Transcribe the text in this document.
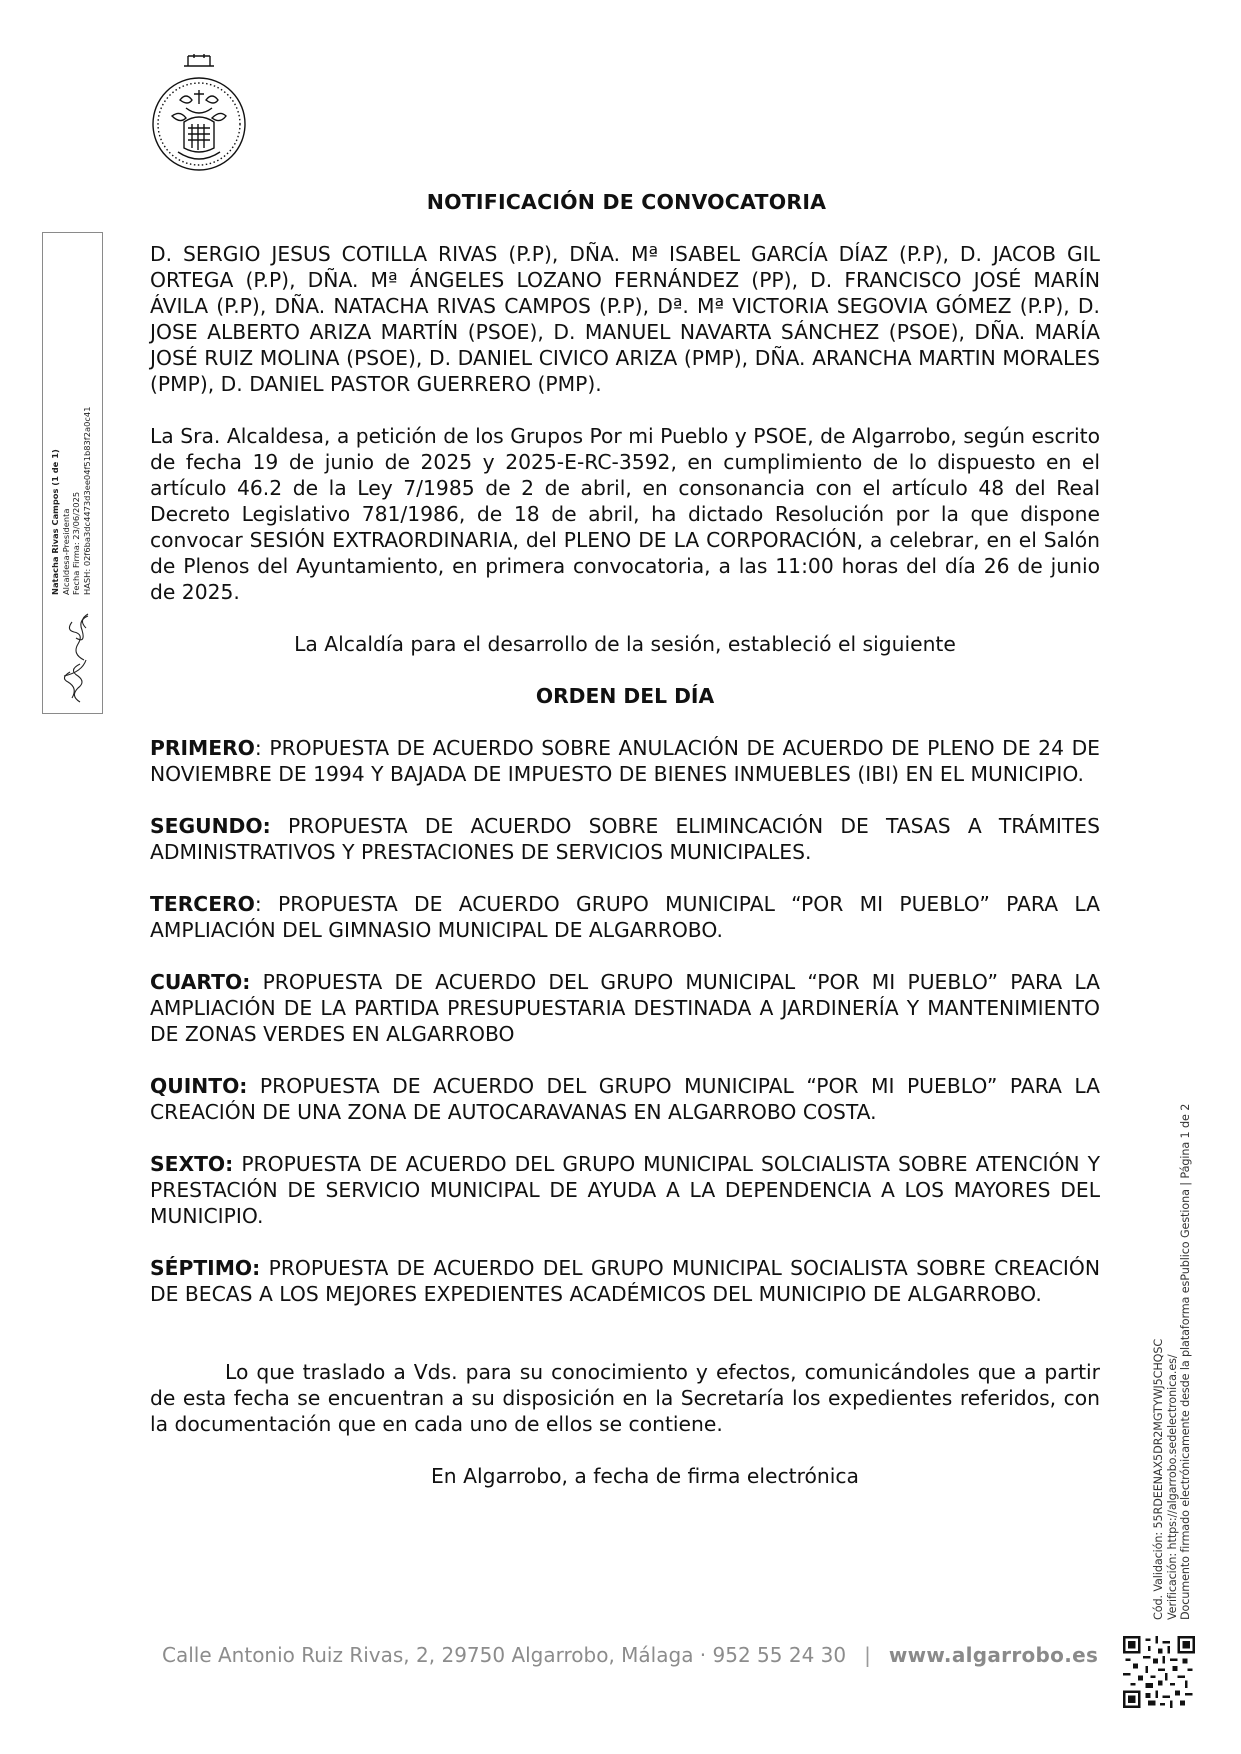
NOTIFICACIÓN DE CONVOCATORIA

D. SERGIO JESUS COTILLA RIVAS (P.P), DÑA. Mª ISABEL GARCÍA DÍAZ (P.P), D. JACOB GIL ORTEGA (P.P), DÑA. Mª ÁNGELES LOZANO FERNÁNDEZ (PP), D. FRANCISCO JOSÉ MARÍN ÁVILA (P.P), DÑA. NATACHA RIVAS CAMPOS (P.P), Dª. Mª VICTORIA SEGOVIA GÓMEZ (P.P), D. JOSE ALBERTO ARIZA MARTÍN (PSOE), D. MANUEL NAVARTA SÁNCHEZ (PSOE), DÑA. MARÍA JOSÉ RUIZ MOLINA (PSOE), D. DANIEL CIVICO ARIZA (PMP), DÑA. ARANCHA MARTIN MORALES (PMP), D. DANIEL PASTOR GUERRERO (PMP).

La Sra. Alcaldesa, a petición de los Grupos Por mi Pueblo y PSOE, de Algarrobo, según escrito de fecha 19 de junio de 2025 y 2025-E-RC-3592, en cumplimiento de lo dispuesto en el artículo 46.2 de la Ley 7/1985 de 2 de abril, en consonancia con el artículo 48 del Real Decreto Legislativo 781/1986, de 18 de abril, ha dictado Resolución por la que dispone convocar SESIÓN EXTRAORDINARIA, del PLENO DE LA CORPORACIÓN, a celebrar, en el Salón de Plenos del Ayuntamiento, en primera convocatoria, a las 11:00 horas del día 26 de junio de 2025.

La Alcaldía para el desarrollo de la sesión, estableció el siguiente

ORDEN DEL DÍA

PRIMERO: PROPUESTA DE ACUERDO SOBRE ANULACIÓN DE ACUERDO DE PLENO DE 24 DE NOVIEMBRE DE 1994 Y BAJADA DE IMPUESTO DE BIENES INMUEBLES (IBI) EN EL MUNICIPIO.

SEGUNDO: PROPUESTA DE ACUERDO SOBRE ELIMINCACIÓN DE TASAS A TRÁMITES ADMINISTRATIVOS Y PRESTACIONES DE SERVICIOS MUNICIPALES.

TERCERO: PROPUESTA DE ACUERDO GRUPO MUNICIPAL “POR MI PUEBLO” PARA LA AMPLIACIÓN DEL GIMNASIO MUNICIPAL DE ALGARROBO.

CUARTO: PROPUESTA DE ACUERDO DEL GRUPO MUNICIPAL “POR MI PUEBLO” PARA LA AMPLIACIÓN DE LA PARTIDA PRESUPUESTARIA DESTINADA A JARDINERÍA Y MANTENIMIENTO DE ZONAS VERDES EN ALGARROBO

QUINTO: PROPUESTA DE ACUERDO DEL GRUPO MUNICIPAL “POR MI PUEBLO” PARA LA CREACIÓN DE UNA ZONA DE AUTOCARAVANAS EN ALGARROBO COSTA.

SEXTO: PROPUESTA DE ACUERDO DEL GRUPO MUNICIPAL SOLCIALISTA SOBRE ATENCIÓN Y PRESTACIÓN DE SERVICIO MUNICIPAL DE AYUDA A LA DEPENDENCIA A LOS MAYORES DEL MUNICIPIO.

SÉPTIMO: PROPUESTA DE ACUERDO DEL GRUPO MUNICIPAL SOCIALISTA SOBRE CREACIÓN DE BECAS A LOS MEJORES EXPEDIENTES ACADÉMICOS DEL MUNICIPIO DE ALGARROBO.

Lo que traslado a Vds. para su conocimiento y efectos, comunicándoles que a partir de esta fecha se encuentran a su disposición en la Secretaría los expedientes referidos, con la documentación que en cada uno de ellos se contiene.

En Algarrobo, a fecha de firma electrónica

Natacha Rivas Campos (1 de 1) Alcaldesa-Presidenta Fecha Firma: 23/06/2025 HASH: 02f6ba3dc4473d3ee04f51b83f2a0c41
Cód. Validación: 55RDEENAX5DR2MGTYWJ5CHQSC Verificación: https://algarrobo.sedelectronica.es/ Documento firmado electrónicamente desde la plataforma esPublico Gestiona | Página 1 de 2
Calle Antonio Ruiz Rivas, 2, 29750 Algarrobo, Málaga · 952 55 24 30 | www.algarrobo.es
